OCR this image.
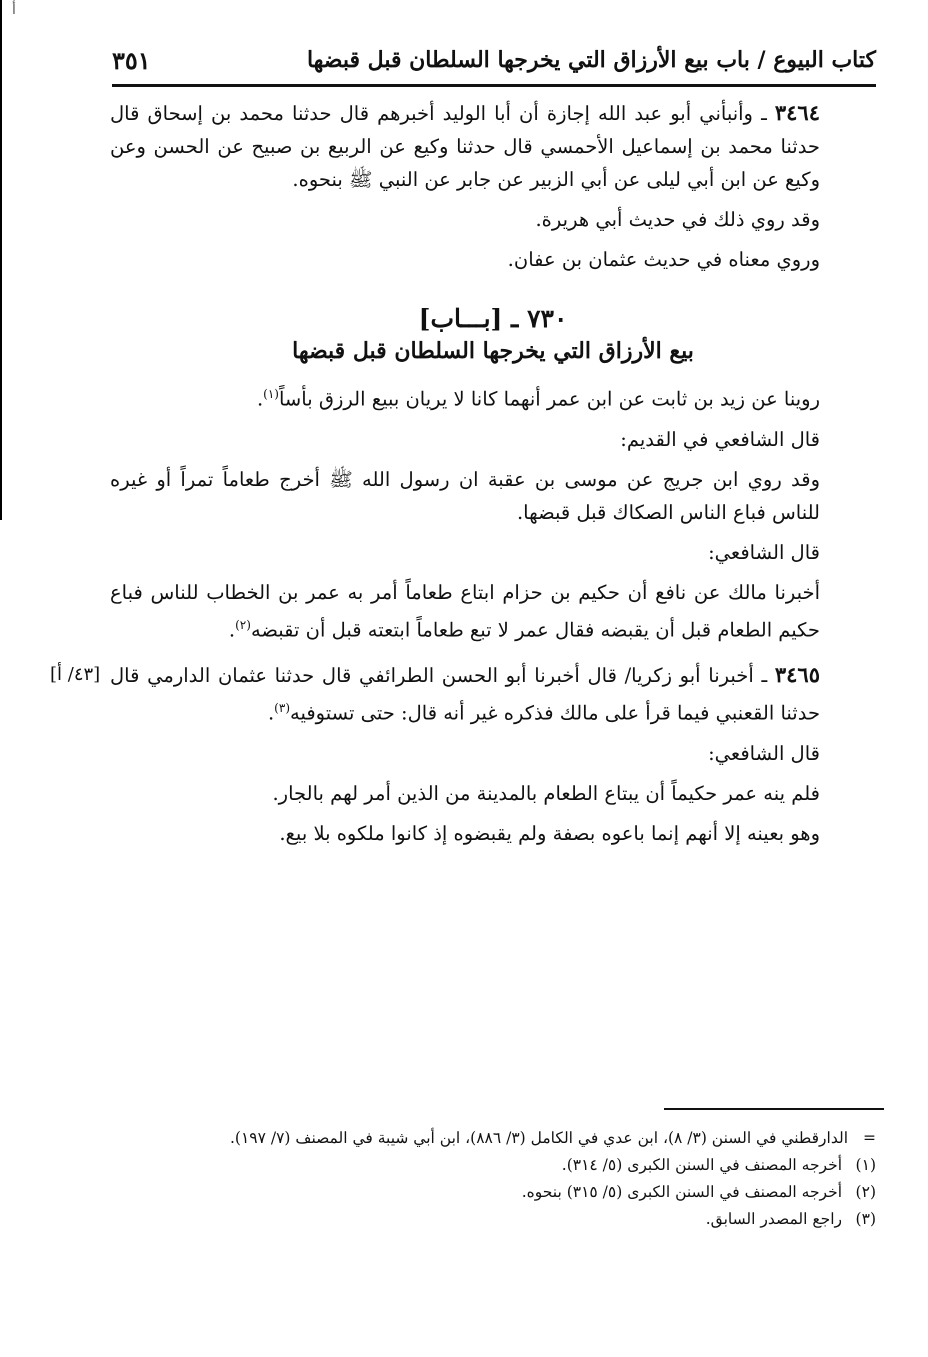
أ
كتاب البيوع / باب بيع الأرزاق التي يخرجها السلطان قبل قبضها
٣٥١

٣٤٦٤ ـ وأنبأني أبو عبد الله إجازة أن أبا الوليد أخبرهم قال حدثنا محمد بن إسحاق قال حدثنا محمد بن إسماعيل الأحمسي قال حدثنا وكيع عن الربيع بن صبيح عن الحسن وعن وكيع عن ابن أبي ليلى عن أبي الزبير عن جابر عن النبي ﷺ بنحوه.

وقد روي ذلك في حديث أبي هريرة.

وروي معناه في حديث عثمان بن عفان.

٧٣٠ ـ [بـــاب]

بيع الأرزاق التي يخرجها السلطان قبل قبضها

روينا عن زيد بن ثابت عن ابن عمر أنهما كانا لا يريان ببيع الرزق بأساً$^{(١)}$.

قال الشافعي في القديم:

وقد روي ابن جريج عن موسى بن عقبة ان رسول الله ﷺ أخرج طعاماً تمراً أو غيره للناس فباع الناس الصكاك قبل قبضها.

قال الشافعي:

أخبرنا مالك عن نافع أن حكيم بن حزام ابتاع طعاماً أمر به عمر بن الخطاب للناس فباع حكيم الطعام قبل أن يقبضه فقال عمر لا تبع طعاماً ابتعته قبل أن تقبضه$^{(٢)}$.

[٤٣/ أ]	٣٤٦٥ ـ أخبرنا أبو زكريا/ قال أخبرنا أبو الحسن الطرائفي قال حدثنا عثمان الدارمي قال حدثنا القعنبي فيما قرأ على مالك فذكره غير أنه قال: حتى تستوفيه$^{(٣)}$.

قال الشافعي:

فلم ينه عمر حكيماً أن يبتاع الطعام بالمدينة من الذين أمر لهم بالجار.

وهو بعينه إلا أنهم إنما باعوه بصفة ولم يقبضوه إذ كانوا ملكوه بلا بيع.

=
الدارقطني في السنن (٣/ ٨)، ابن عدي في الكامل (٣/ ٨٨٦)، ابن أبي شيبة في المصنف (٧/ ١٩٧).

(١)
أخرجه المصنف في السنن الكبرى (٥/ ٣١٤).

(٢)
أخرجه المصنف في السنن الكبرى (٥/ ٣١٥) بنحوه.

(٣)
راجع المصدر السابق.
